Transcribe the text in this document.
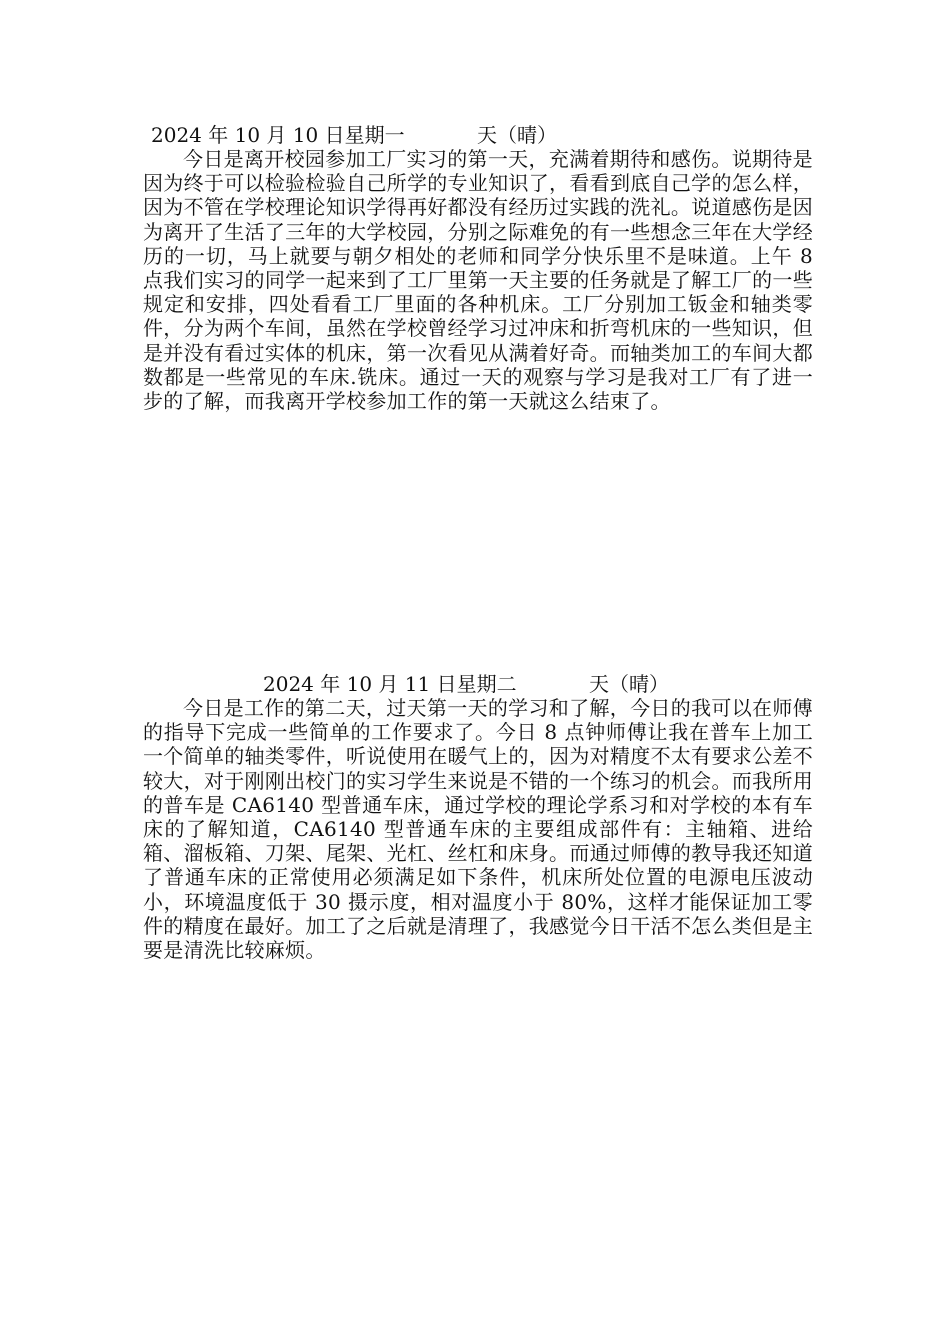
2024 年 10 月 10 日星期一	天（晴）
今日是离开校园参加工厂实习的第一天，充满着期待和感伤。说期待是因为终于可以检验检验自己所学的专业知识了，看看到底自己学的怎么样，因为不管在学校理论知识学得再好都没有经历过实践的洗礼。说道感伤是因为离开了生活了三年的大学校园，分别之际难免的有一些想念三年在大学经历的一切，马上就要与朝夕相处的老师和同学分快乐里不是味道。上午 8 点我们实习的同学一起来到了工厂里第一天主要的任务就是了解工厂的一些规定和安排，四处看看工厂里面的各种机床。工厂分别加工钣金和轴类零件，分为两个车间，虽然在学校曾经学习过冲床和折弯机床的一些知识，但是并没有看过实体的机床，第一次看见从满着好奇。而轴类加工的车间大都数都是一些常见的车床.铣床。通过一天的观察与学习是我对工厂有了进一步的了解，而我离开学校参加工作的第一天就这么结束了。
2024 年 10 月 11 日星期二	天（晴）
今日是工作的第二天，过天第一天的学习和了解，今日的我可以在师傅的指导下完成一些简单的工作要求了。今日 8 点钟师傅让我在普车上加工一个简单的轴类零件，听说使用在暖气上的，因为对精度不太有要求公差不较大，对于刚刚出校门的实习学生来说是不错的一个练习的机会。而我所用的普车是 CA6140 型普通车床，通过学校的理论学系习和对学校的本有车床的了解知道，CA6140 型普通车床的主要组成部件有：主轴箱、进给箱、溜板箱、刀架、尾架、光杠、丝杠和床身。而通过师傅的教导我还知道了普通车床的正常使用必须满足如下条件，机床所处位置的电源电压波动小，环境温度低于 30 摄示度，相对温度小于 80%，这样才能保证加工零件的精度在最好。加工了之后就是清理了，我感觉今日干活不怎么类但是主要是清洗比较麻烦。
